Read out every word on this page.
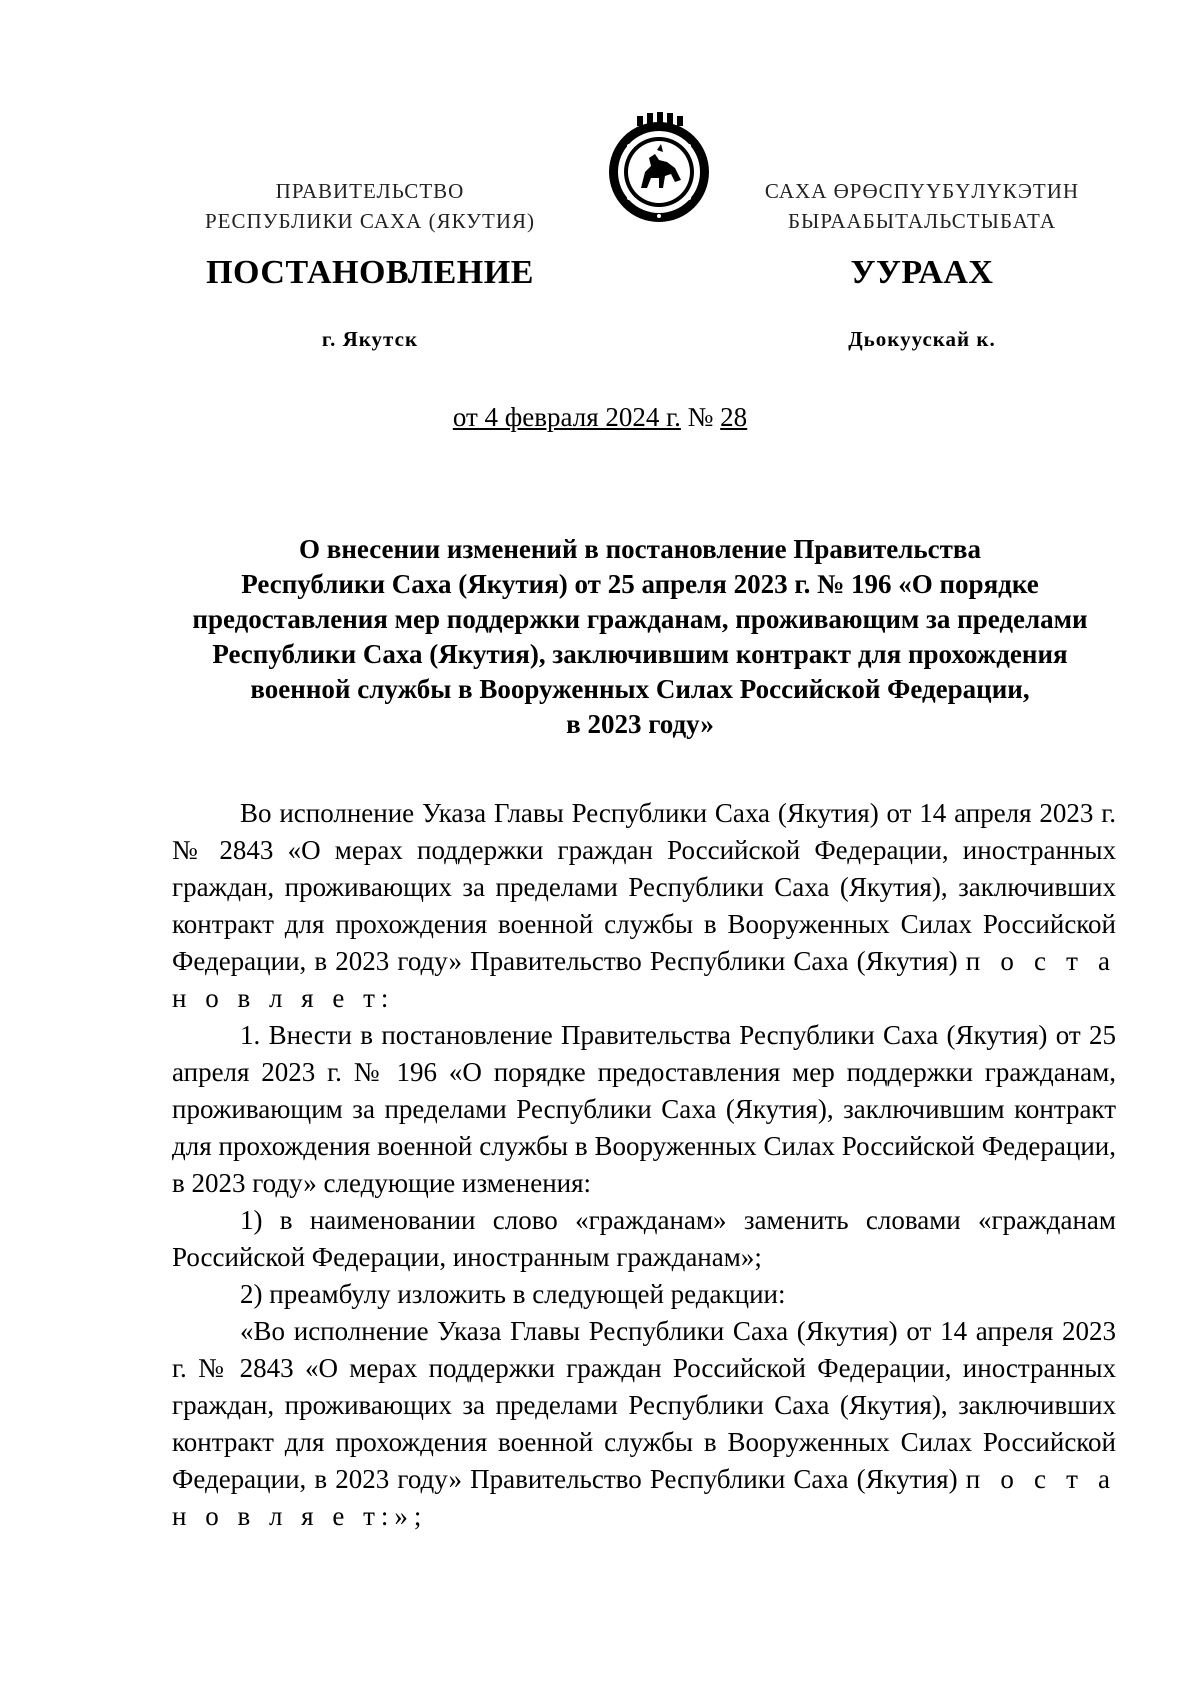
ПРАВИТЕЛЬСТВО
РЕСПУБЛИКИ САХА (ЯКУТИЯ)
САХА ӨРӨСПҮҮБҮЛҮКЭТИН
БЫРААБЫТАЛЬСТЫБАТА
ПОСТАНОВЛЕНИЕ	УУРААХ
г. Якутск	Дьокуускай к.
от 4 февраля 2024 г. № 28
О внесении изменений в постановление Правительства
Республики Саха (Якутия) от 25 апреля 2023 г. № 196 «О порядке
предоставления мер поддержки гражданам, проживающим за пределами
Республики Саха (Якутия), заключившим контракт для прохождения
военной службы в Вооруженных Силах Российской Федерации,
в 2023 году»

Во исполнение Указа Главы Республики Саха (Якутия) от 14 апреля 2023 г. № 2843 «О мерах поддержки граждан Российской Федерации, иностранных граждан, проживающих за пределами Республики Саха (Якутия), заключивших контракт для прохождения военной службы в Вооруженных Силах Российской Федерации, в 2023 году» Правительство Республики Саха (Якутия) п о с т а н о в л я е т:

1. Внести в постановление Правительства Республики Саха (Якутия) от 25 апреля 2023 г. № 196 «О порядке предоставления мер поддержки гражданам, проживающим за пределами Республики Саха (Якутия), заключившим контракт для прохождения военной службы в Вооруженных Силах Российской Федерации, в 2023 году» следующие изменения:

1) в наименовании слово «гражданам» заменить словами «гражданам Российской Федерации, иностранным гражданам»;

2) преамбулу изложить в следующей редакции:

«Во исполнение Указа Главы Республики Саха (Якутия) от 14 апреля 2023 г. № 2843 «О мерах поддержки граждан Российской Федерации, иностранных граждан, проживающих за пределами Республики Саха (Якутия), заключивших контракт для прохождения военной службы в Вооруженных Силах Российской Федерации, в 2023 году» Правительство Республики Саха (Якутия) п о с т а н о в л я е т:»;
